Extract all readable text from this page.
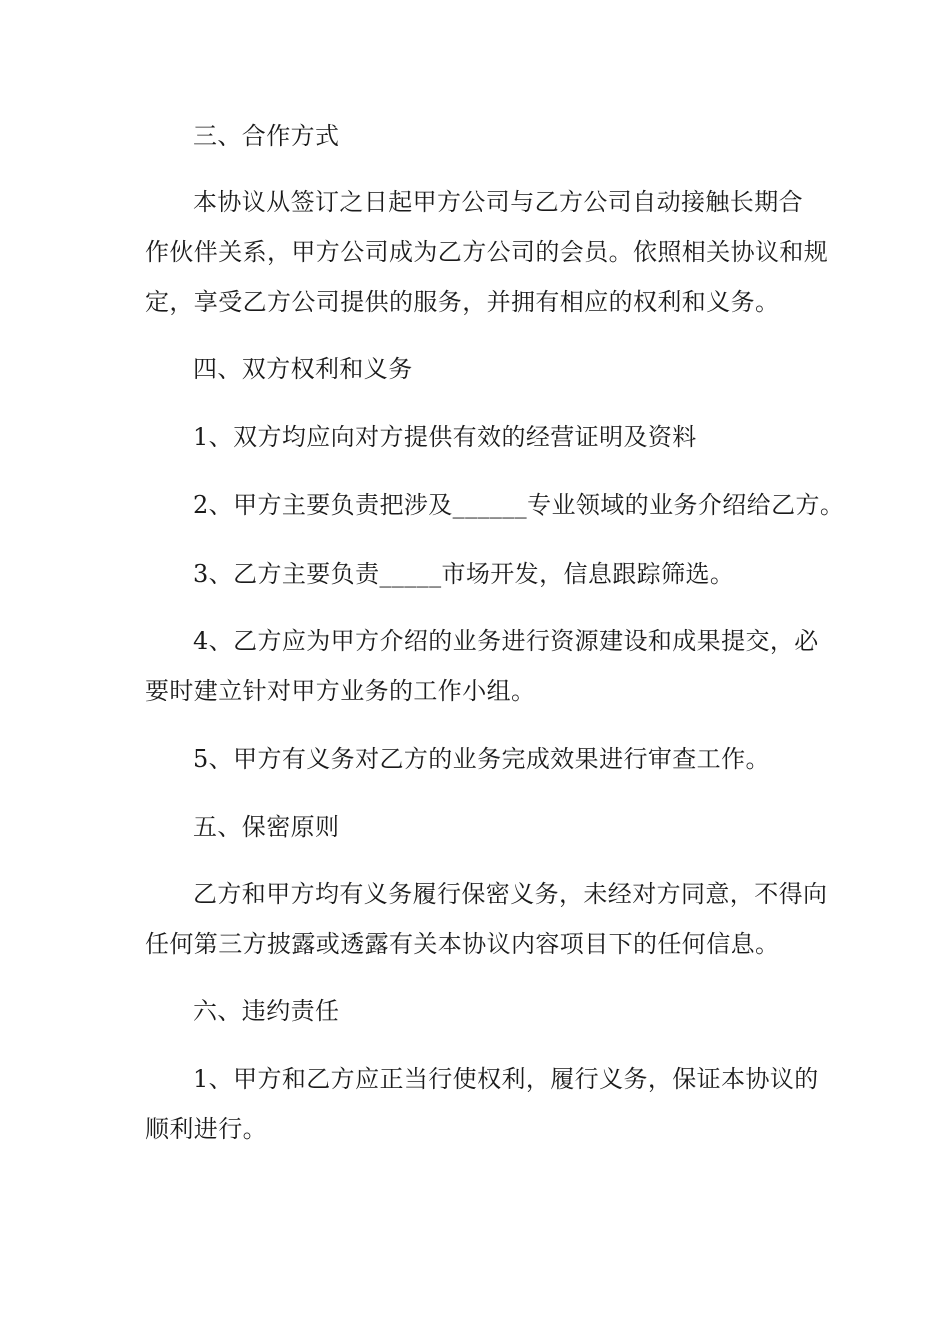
三、合作方式
本协议从签订之日起甲方公司与乙方公司自动接触长期合
作伙伴关系，甲方公司成为乙方公司的会员。依照相关协议和规
定，享受乙方公司提供的服务，并拥有相应的权利和义务。
四、双方权利和义务
1、双方均应向对方提供有效的经营证明及资料
2、甲方主要负责把涉及______专业领域的业务介绍给乙方。
3、乙方主要负责_____市场开发，信息跟踪筛选。
4、乙方应为甲方介绍的业务进行资源建设和成果提交，必
要时建立针对甲方业务的工作小组。
5、甲方有义务对乙方的业务完成效果进行审查工作。
五、保密原则
乙方和甲方均有义务履行保密义务，未经对方同意，不得向
任何第三方披露或透露有关本协议内容项目下的任何信息。
六、违约责任
1、甲方和乙方应正当行使权利，履行义务，保证本协议的
顺利进行。
